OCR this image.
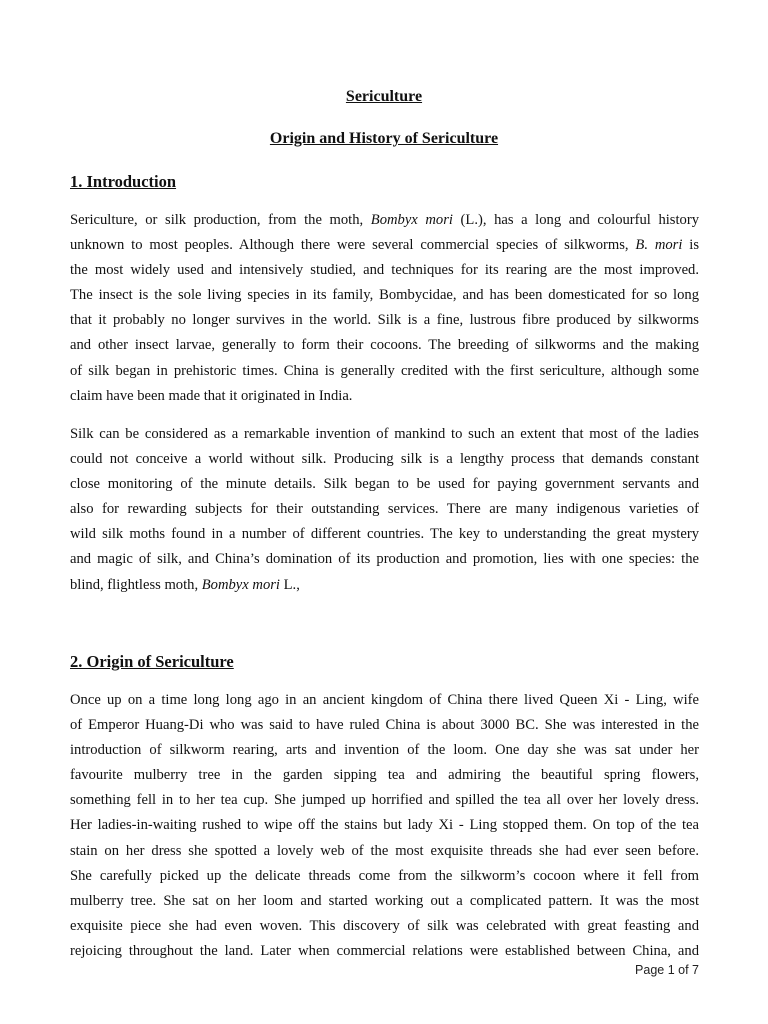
Sericulture
Origin and History of Sericulture
1. Introduction
Sericulture, or silk production, from the moth, Bombyx mori (L.), has a long and colourful history
unknown to most peoples. Although there were several commercial species of silkworms, B. mori is
the most widely used and intensively studied, and techniques for its rearing are the most improved.
The insect is the sole living species in its family, Bombycidae, and has been domesticated for so long
that it probably no longer survives in the world. Silk is a fine, lustrous fibre produced by silkworms
and other insect larvae, generally to form their cocoons. The breeding of silkworms and the making
of silk began in prehistoric times. China is generally credited with the first sericulture, although some
claim have been made that it originated in India.
Silk can be considered as a remarkable invention of mankind to such an extent that most of the ladies
could not conceive a world without silk. Producing silk is a lengthy process that demands constant
close monitoring of the minute details. Silk began to be used for paying government servants and
also for rewarding subjects for their outstanding services. There are many indigenous varieties of
wild silk moths found in a number of different countries. The key to understanding the great mystery
and magic of silk, and China’s domination of its production and promotion, lies with one species: the
blind, flightless moth, Bombyx mori L.,
2. Origin of Sericulture
Once up on a time long long ago in an ancient kingdom of China there lived Queen Xi - Ling, wife
of Emperor Huang-Di who was said to have ruled China is about 3000 BC. She was interested in the
introduction of silkworm rearing, arts and invention of the loom. One day she was sat under her
favourite mulberry tree in the garden sipping tea and admiring the beautiful spring flowers,
something fell in to her tea cup. She jumped up horrified and spilled the tea all over her lovely dress.
Her ladies-in-waiting rushed to wipe off the stains but lady Xi - Ling stopped them. On top of the tea
stain on her dress she spotted a lovely web of the most exquisite threads she had ever seen before.
She carefully picked up the delicate threads come from the silkworm’s cocoon where it fell from
mulberry tree. She sat on her loom and started working out a complicated pattern. It was the most
exquisite piece she had even woven. This discovery of silk was celebrated with great feasting and
rejoicing throughout the land. Later when commercial relations were established between China, and
Page 1 of 7
